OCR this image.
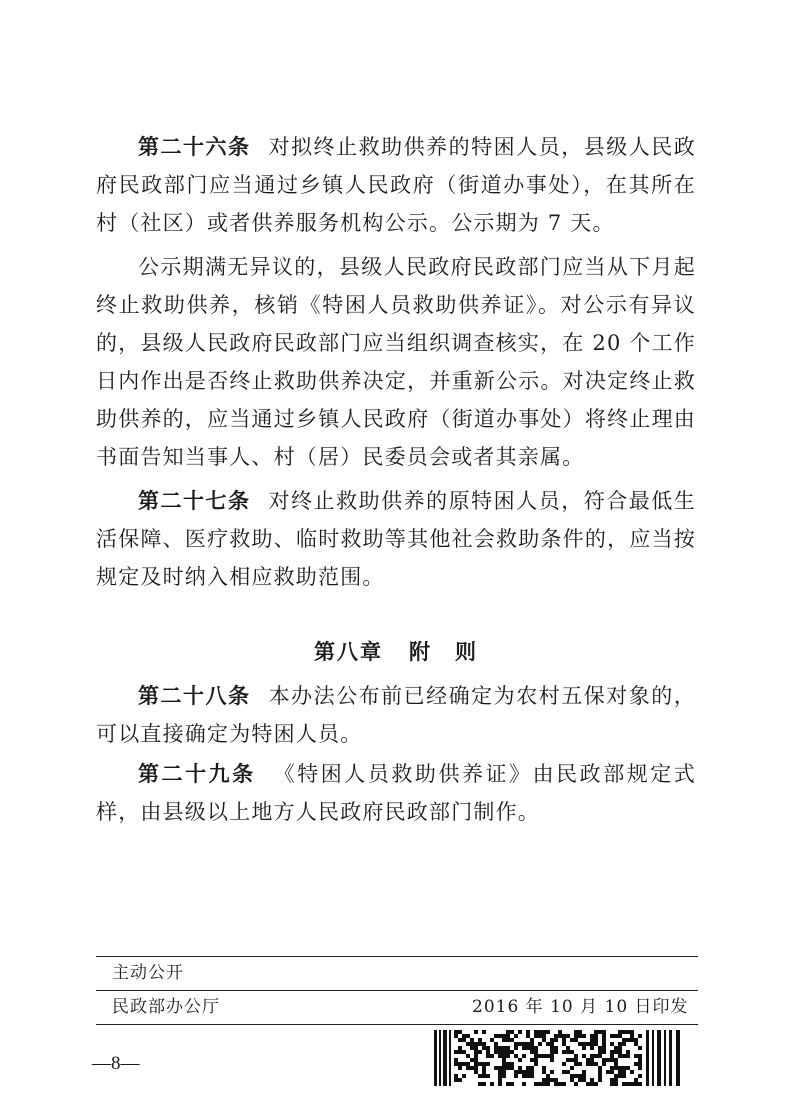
第二十六条 对拟终止救助供养的特困人员，县级人民政府民政部门应当通过乡镇人民政府（街道办事处），在其所在村（社区）或者供养服务机构公示。公示期为 7 天。

公示期满无异议的，县级人民政府民政部门应当从下月起终止救助供养，核销《特困人员救助供养证》。对公示有异议的，县级人民政府民政部门应当组织调查核实，在 20 个工作日内作出是否终止救助供养决定，并重新公示。对决定终止救助供养的，应当通过乡镇人民政府（街道办事处）将终止理由书面告知当事人、村（居）民委员会或者其亲属。

第二十七条 对终止救助供养的原特困人员，符合最低生活保障、医疗救助、临时救助等其他社会救助条件的，应当按规定及时纳入相应救助范围。

第八章 附　则

第二十八条 本办法公布前已经确定为农村五保对象的，可以直接确定为特困人员。

第二十九条 《特困人员救助供养证》由民政部规定式样，由县级以上地方人民政府民政部门制作。

主动公开
民政部办公厅	2016 年 10 月 10 日印发
—8—
